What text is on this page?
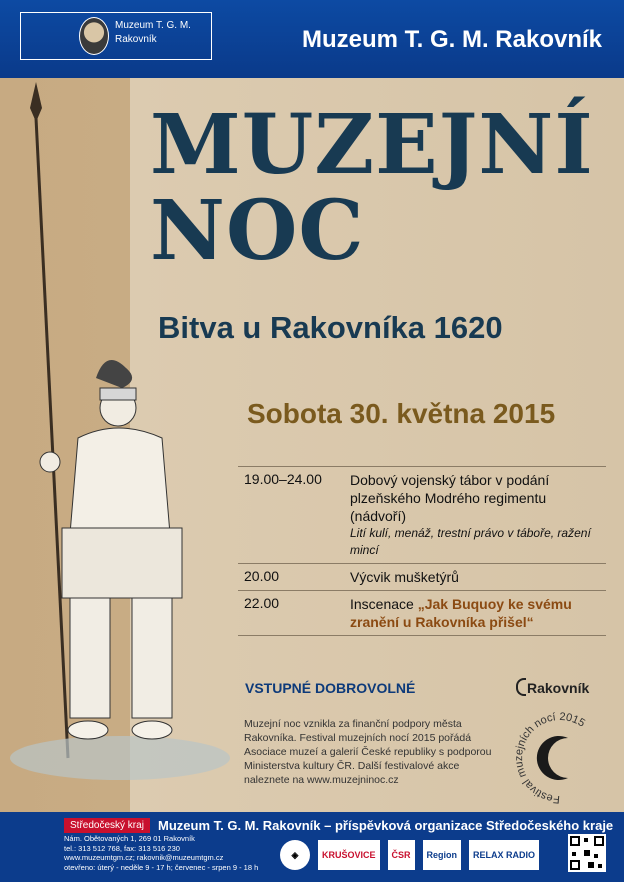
Muzeum T. G. M.
Rakovník	Muzeum T. G. M. Rakovník
MUZEJNÍ
NOC
Bitva u Rakovníka 1620
Sobota 30. května 2015
19.00–24.00	Dobový vojenský tábor v podání plzeňského Modrého regimentu (nádvoří)
Lití kulí, menáž, trestní právo v táboře, ražení mincí
20.00	Výcvik mušketýrů
22.00	Inscenace „Jak Buquoy ke svému zranění u Rakovníka přišel“
VSTUPNÉ DOBROVOLNÉ	Rakovník
Muzejní noc vznikla za finanční podpory města Rakovníka. Festival muzejních nocí 2015 pořádá Asociace muzeí a galerií České republiky s podporou Ministerstva kultury ČR. Další festivalové akce naleznete na www.muzejninoc.cz
Festival muzejních nocí 2015
Středočeský kraj	Muzeum T. G. M. Rakovník – příspěvková organizace Středočeského kraje
Nám. Obětovaných 1, 269 01 Rakovník
tel.: 313 512 768, fax: 313 516 230
www.muzeumtgm.cz; rakovnik@muzeumtgm.cz
otevřeno: úterý - neděle 9 - 17 h; červenec - srpen 9 - 18 h
◈	KRUŠOVICE	ČSR	Region	RELAX RADIO
